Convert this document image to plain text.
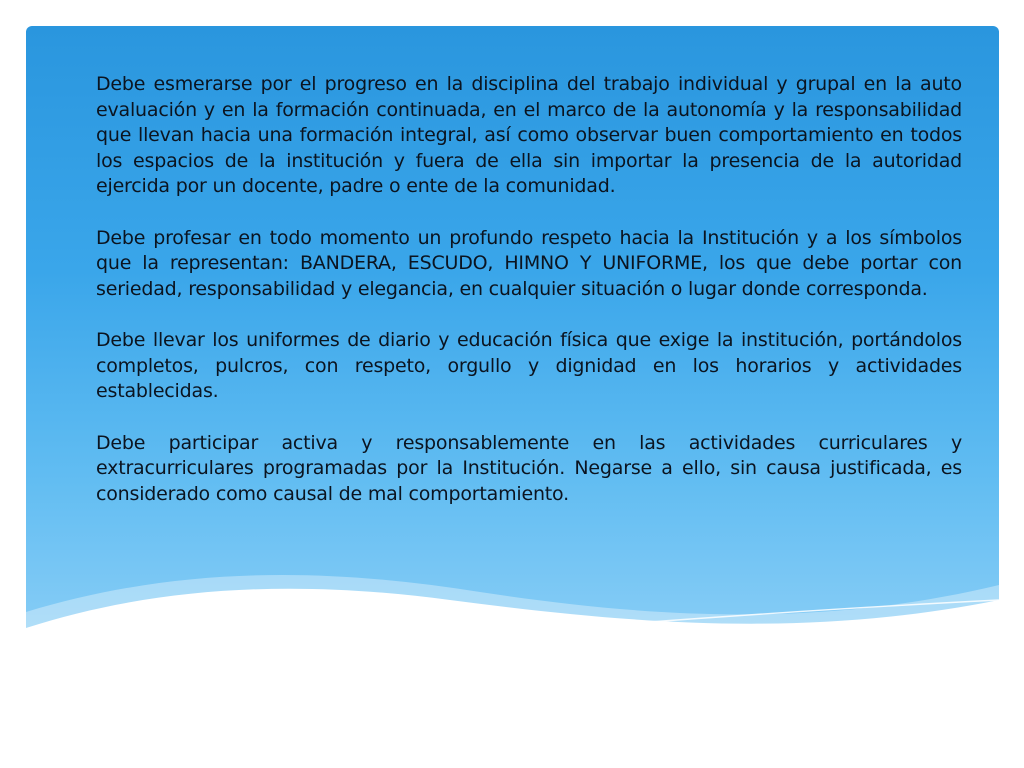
Debe esmerarse por el progreso en la disciplina del trabajo individual y grupal en la auto evaluación y en la formación continuada, en el marco de la autonomía y la responsabilidad que llevan hacia una formación integral, así como observar buen comportamiento en todos los espacios de la institución y fuera de ella sin importar la presencia de la autoridad ejercida por un docente, padre o ente de la comunidad.

Debe profesar en todo momento un profundo respeto hacia la Institución y a los símbolos que la representan: BANDERA, ESCUDO, HIMNO Y UNIFORME, los que debe portar con seriedad, responsabilidad y elegancia, en cualquier situación o lugar donde corresponda.

Debe llevar los uniformes de diario y educación física que exige la institución, portándolos completos, pulcros, con respeto, orgullo y dignidad en los horarios y actividades establecidas.

Debe participar activa y responsablemente en las actividades curriculares y extracurriculares programadas por la Institución. Negarse a ello, sin causa justificada, es considerado como causal de mal comportamiento.
